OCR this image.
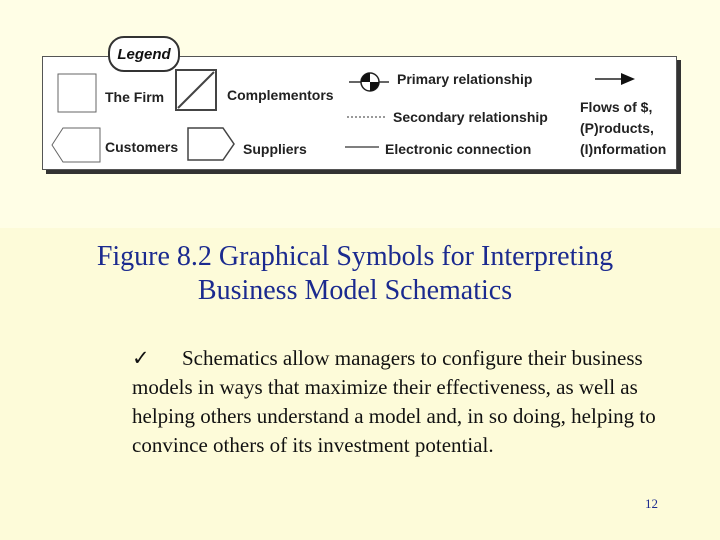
Legend
The Firm	Complementors
Customers	Suppliers
Primary relationship
Secondary relationship
Electronic connection
Flows of $,
(P)roducts,
(I)nformation
Figure 8.2 Graphical Symbols for Interpreting
Business Model Schematics
✓ Schematics allow managers to configure their business models in ways that maximize their effectiveness, as well as helping others understand a model and, in so doing, helping to convince others of its investment potential.
12
